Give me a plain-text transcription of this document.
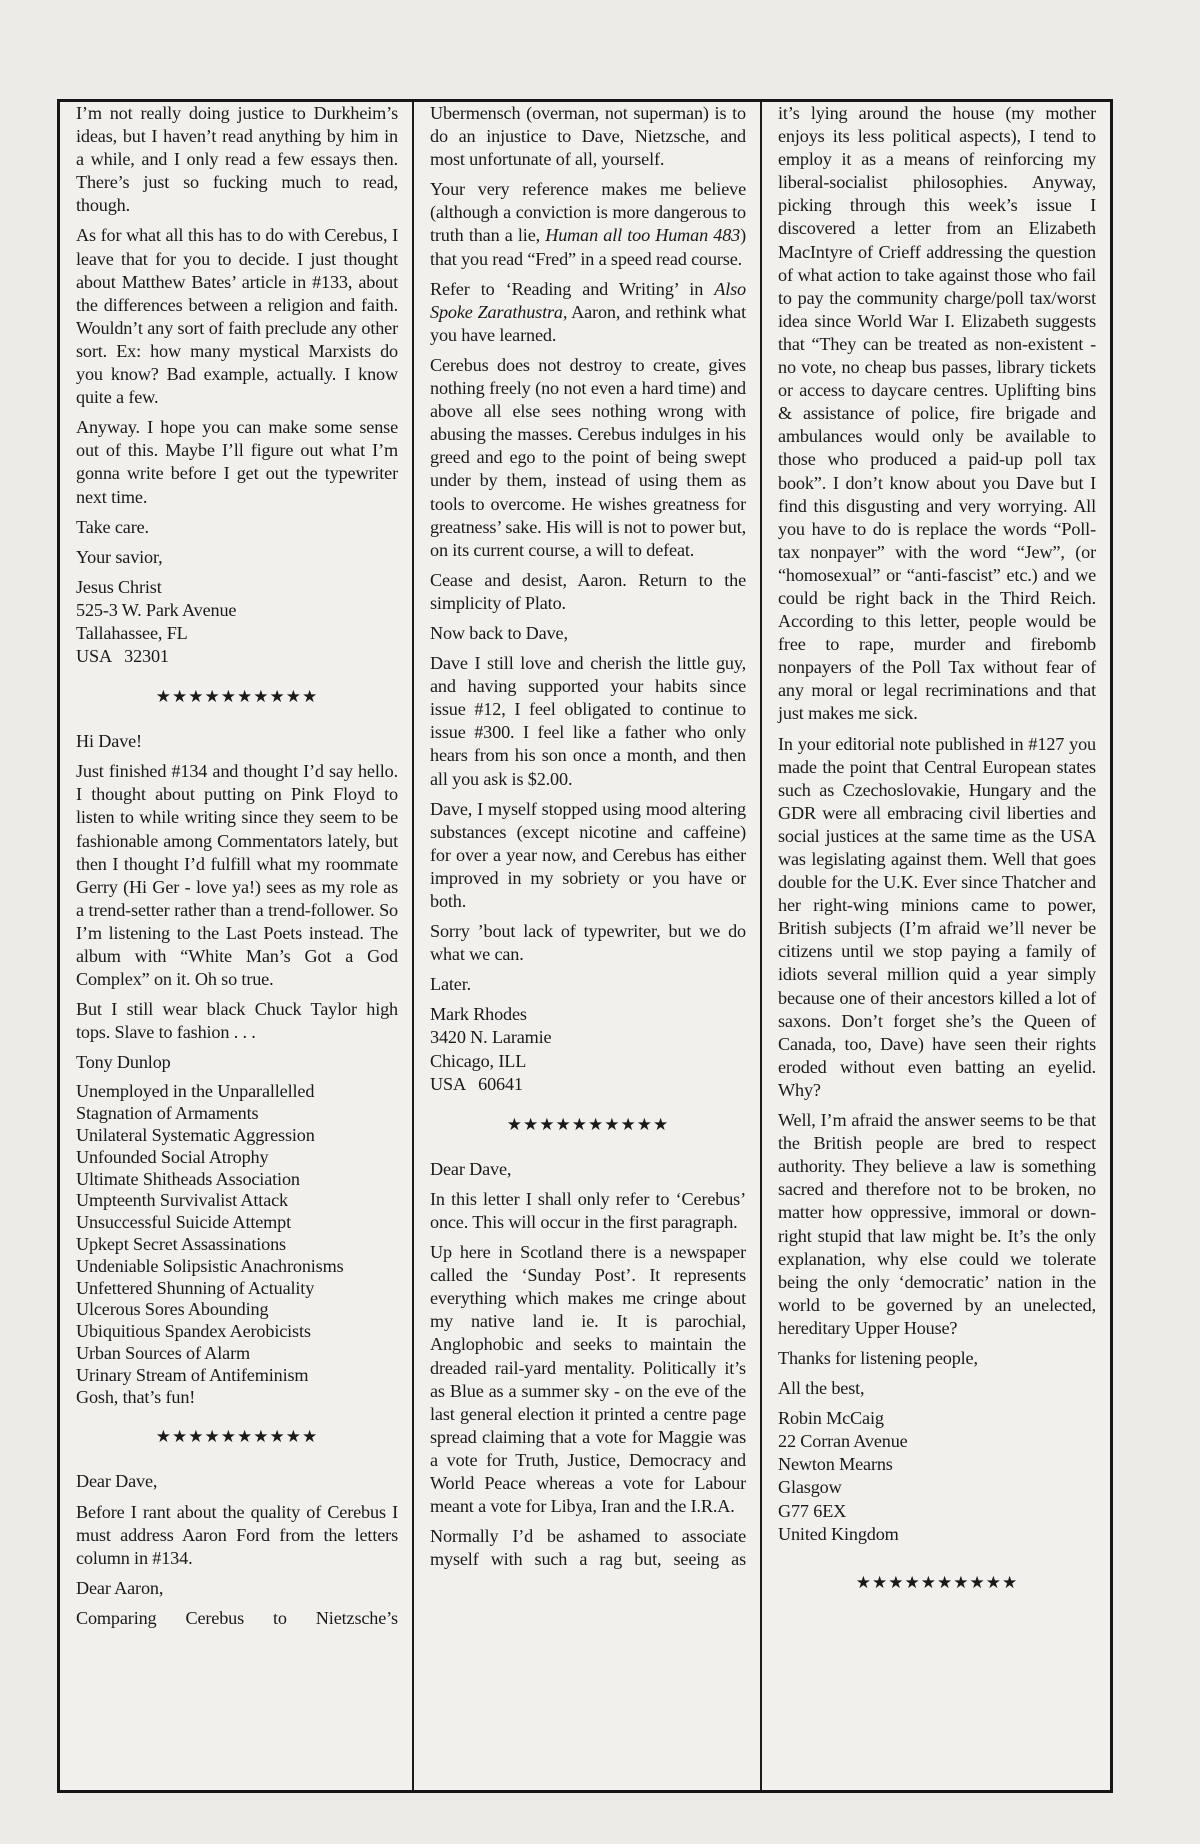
I’m not really doing justice to Durkheim’s ideas, but I haven’t read anything by him in a while, and I only read a few essays then. There’s just so fucking much to read, though.

As for what all this has to do with Cerebus, I leave that for you to decide. I just thought about Matthew Bates’ article in #133, about the differences between a religion and faith. Wouldn’t any sort of faith preclude any other sort. Ex: how many mystical Marxists do you know? Bad example, actually. I know quite a few.

Anyway. I hope you can make some sense out of this. Maybe I’ll figure out what I’m gonna write before I get out the typewriter next time.

Take care.

Your savior,

Jesus Christ
525-3 W. Park Avenue
Tallahassee, FL
USA   32301

★★★★★★★★★★

Hi Dave!

Just finished #134 and thought I’d say hello. I thought about putting on Pink Floyd to listen to while writing since they seem to be fashionable among Commentators lately, but then I thought I’d fulfill what my roommate Gerry (Hi Ger - love ya!) sees as my role as a trend-setter rather than a trend-follower. So I’m listening to the Last Poets instead. The album with “White Man’s Got a God Complex” on it. Oh so true.

But I still wear black Chuck Taylor high tops. Slave to fashion . . .

Tony Dunlop

Unemployed in the Unparallelled
Stagnation of Armaments
Unilateral Systematic Aggression
Unfounded Social Atrophy
Ultimate Shitheads Association
Umpteenth Survivalist Attack
Unsuccessful Suicide Attempt
Upkept Secret Assassinations
Undeniable Solipsistic Anachronisms
Unfettered Shunning of Actuality
Ulcerous Sores Abounding
Ubiquitious Spandex Aerobicists
Urban Sources of Alarm
Urinary Stream of Antifeminism
Gosh, that’s fun!

★★★★★★★★★★

Dear Dave,

Before I rant about the quality of Cerebus I must address Aaron Ford from the letters column in #134.

Dear Aaron,

Comparing Cerebus to Nietzsche’s

Ubermensch (overman, not superman) is to do an injustice to Dave, Nietzsche, and most unfortunate of all, yourself.

Your very reference makes me believe (although a conviction is more dangerous to truth than a lie, Human all too Human 483) that you read “Fred” in a speed read course.

Refer to ‘Reading and Writing’ in Also Spoke Zarathustra, Aaron, and rethink what you have learned.

Cerebus does not destroy to create, gives nothing freely (no not even a hard time) and above all else sees nothing wrong with abusing the masses. Cerebus indulges in his greed and ego to the point of being swept under by them, instead of using them as tools to overcome. He wishes greatness for greatness’ sake. His will is not to power but, on its current course, a will to defeat.

Cease and desist, Aaron. Return to the simplicity of Plato.

Now back to Dave,

Dave I still love and cherish the little guy, and having supported your habits since issue #12, I feel obligated to continue to issue #300. I feel like a father who only hears from his son once a month, and then all you ask is $2.00.

Dave, I myself stopped using mood altering substances (except nicotine and caffeine) for over a year now, and Cerebus has either improved in my sobriety or you have or both.

Sorry ’bout lack of typewriter, but we do what we can.

Later.

Mark Rhodes
3420 N. Laramie
Chicago, ILL
USA   60641

★★★★★★★★★★

Dear Dave,

In this letter I shall only refer to ‘Cerebus’ once. This will occur in the first paragraph.

Up here in Scotland there is a newspaper called the ‘Sunday Post’. It represents everything which makes me cringe about my native land ie. It is parochial, Anglophobic and seeks to maintain the dreaded rail-yard mentality. Politically it’s as Blue as a summer sky - on the eve of the last general election it printed a centre page spread claiming that a vote for Maggie was a vote for Truth, Justice, Democracy and World Peace whereas a vote for Labour meant a vote for Libya, Iran and the I.R.A.

Normally I’d be ashamed to associate myself with such a rag but, seeing as

it’s lying around the house (my mother enjoys its less political aspects), I tend to employ it as a means of reinforcing my liberal-socialist philosophies. Anyway, picking through this week’s issue I discovered a letter from an Elizabeth MacIntyre of Crieff addressing the question of what action to take against those who fail to pay the community charge/poll tax/worst idea since World War I. Elizabeth suggests that “They can be treated as non-existent - no vote, no cheap bus passes, library tickets or access to daycare centres. Uplifting bins & assistance of police, fire brigade and ambulances would only be available to those who produced a paid-up poll tax book”. I don’t know about you Dave but I find this disgusting and very worrying. All you have to do is replace the words “Poll-tax nonpayer” with the word “Jew”, (or “homosexual” or “anti-fascist” etc.) and we could be right back in the Third Reich. According to this letter, people would be free to rape, murder and firebomb nonpayers of the Poll Tax without fear of any moral or legal recriminations and that just makes me sick.

In your editorial note published in #127 you made the point that Central European states such as Czechoslovakie, Hungary and the GDR were all embracing civil liberties and social justices at the same time as the USA was legislating against them. Well that goes double for the U.K. Ever since Thatcher and her right-wing minions came to power, British subjects (I’m afraid we’ll never be citizens until we stop paying a family of idiots several million quid a year simply because one of their ancestors killed a lot of saxons. Don’t forget she’s the Queen of Canada, too, Dave) have seen their rights eroded without even batting an eyelid. Why?

Well, I’m afraid the answer seems to be that the British people are bred to respect authority. They believe a law is something sacred and therefore not to be broken, no matter how oppressive, immoral or down-right stupid that law might be. It’s the only explanation, why else could we tolerate being the only ‘democratic’ nation in the world to be governed by an unelected, hereditary Upper House?

Thanks for listening people,

All the best,

Robin McCaig
22 Corran Avenue
Newton Mearns
Glasgow
G77 6EX
United Kingdom

★★★★★★★★★★
